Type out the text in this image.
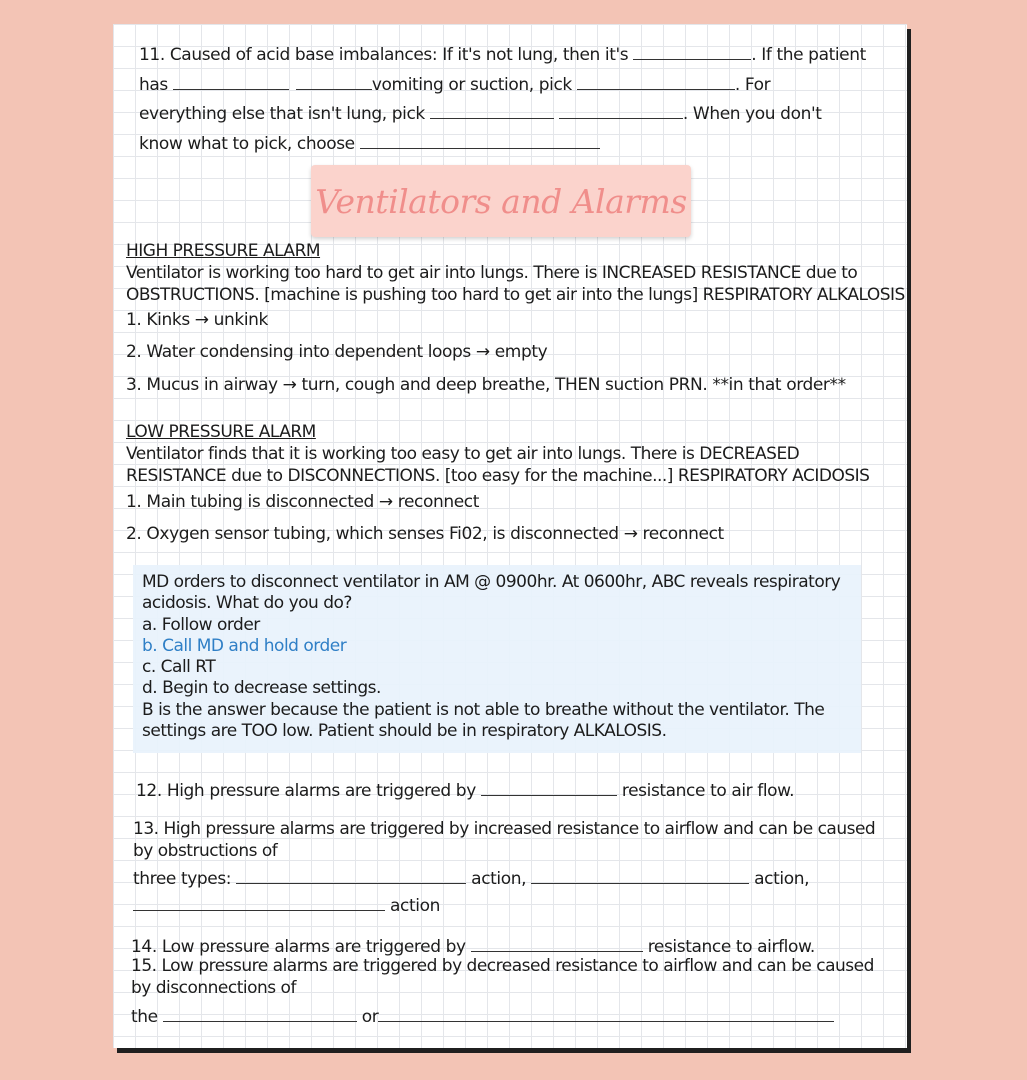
11. Caused of acid base imbalances: If it's not lung, then it's	. If the patient
has	vomiting or suction, pick	. For
everything else that isn't lung, pick	. When you don't
know what to pick, choose
Ventilators and Alarms
HIGH PRESSURE ALARM
Ventilator is working too hard to get air into lungs. There is INCREASED RESISTANCE due to
OBSTRUCTIONS. [machine is pushing too hard to get air into the lungs] RESPIRATORY ALKALOSIS
1. Kinks → unkink
2. Water condensing into dependent loops → empty
3. Mucus in airway → turn, cough and deep breathe, THEN suction PRN. **in that order**
LOW PRESSURE ALARM
Ventilator finds that it is working too easy to get air into lungs. There is DECREASED
RESISTANCE due to DISCONNECTIONS. [too easy for the machine...] RESPIRATORY ACIDOSIS
1. Main tubing is disconnected → reconnect
2. Oxygen sensor tubing, which senses Fi02, is disconnected → reconnect
MD orders to disconnect ventilator in AM @ 0900hr. At 0600hr, ABC reveals respiratory
acidosis. What do you do?
a. Follow order
b. Call MD and hold order
c. Call RT
d. Begin to decrease settings.
B is the answer because the patient is not able to breathe without the ventilator. The
settings are TOO low. Patient should be in respiratory ALKALOSIS.
12. High pressure alarms are triggered by	resistance to air flow.
13. High pressure alarms are triggered by increased resistance to airflow and can be caused
by obstructions of
three types:	action,	action,
action
14. Low pressure alarms are triggered by	resistance to airflow.
15. Low pressure alarms are triggered by decreased resistance to airflow and can be caused
by disconnections of
the	or
